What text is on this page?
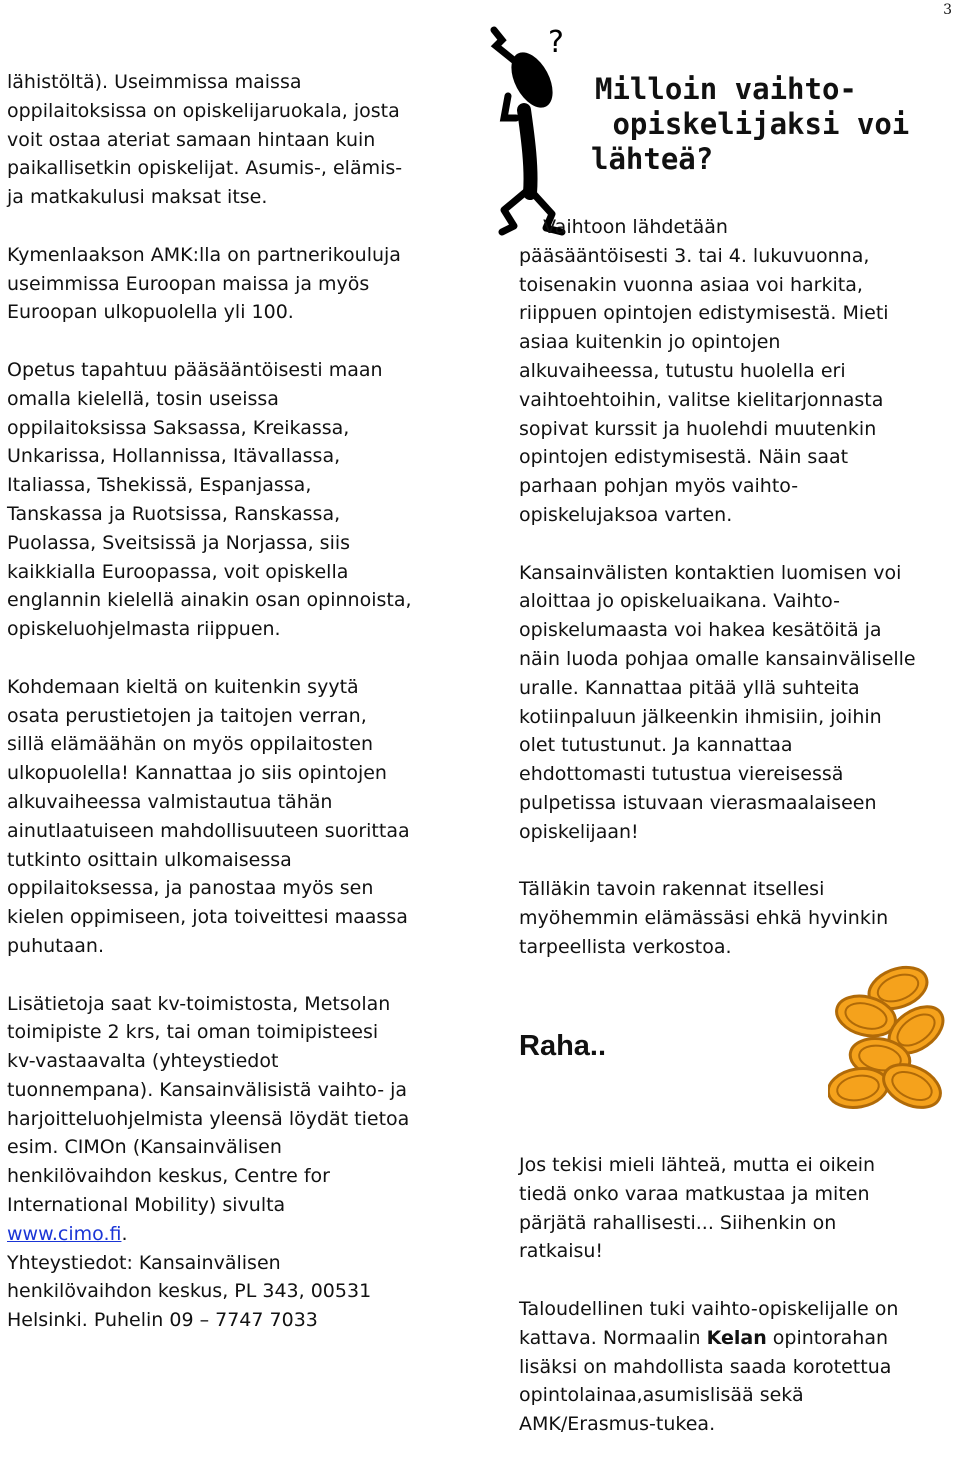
3

lähistöltä). Useimmissa maissa
oppilaitoksissa on opiskelijaruokala, josta
voit ostaa ateriat samaan hintaan kuin
paikallisetkin opiskelijat. Asumis-, elämis-
ja matkakulusi maksat itse.

Kymenlaakson AMK:lla on partnerikouluja
useimmissa Euroopan maissa ja myös
Euroopan ulkopuolella yli 100.

Opetus tapahtuu pääsääntöisesti maan
omalla kielellä, tosin useissa
oppilaitoksissa Saksassa, Kreikassa,
Unkarissa, Hollannissa, Itävallassa,
Italiassa, Tshekissä, Espanjassa,
Tanskassa ja Ruotsissa, Ranskassa,
Puolassa, Sveitsissä ja Norjassa, siis
kaikkialla Euroopassa, voit opiskella
englannin kielellä ainakin osan opinnoista,
opiskeluohjelmasta riippuen.

Kohdemaan kieltä on kuitenkin syytä
osata perustietojen ja taitojen verran,
sillä elämäähän on myös oppilaitosten
ulkopuolella! Kannattaa jo siis opintojen
alkuvaiheessa valmistautua tähän
ainutlaatuiseen mahdollisuuteen suorittaa
tutkinto osittain ulkomaisessa
oppilaitoksessa, ja panostaa myös sen
kielen oppimiseen, jota toiveittesi maassa
puhutaan.

Lisätietoja saat kv-toimistosta, Metsolan
toimipiste 2 krs, tai oman toimipisteesi
kv-vastaavalta (yhteystiedot
tuonnempana). Kansainvälisistä vaihto- ja
harjoitteluohjelmista yleensä löydät tietoa
esim. CIMOn (Kansainvälisen
henkilövaihdon keskus, Centre for
International Mobility) sivulta
www.cimo.fi.
Yhteystiedot: Kansainvälisen
henkilövaihdon keskus, PL 343, 00531
Helsinki. Puhelin 09 – 7747 7033

?
Milloin vaihto-
opiskelijaksi voi
lähteä?

Vaihtoon lähdetään
pääsääntöisesti 3. tai 4. lukuvuonna,
toisenakin vuonna asiaa voi harkita,
riippuen opintojen edistymisestä. Mieti
asiaa kuitenkin jo opintojen
alkuvaiheessa, tutustu huolella eri
vaihtoehtoihin, valitse kielitarjonnasta
sopivat kurssit ja huolehdi muutenkin
opintojen edistymisestä. Näin saat
parhaan pohjan myös vaihto-
opiskelujaksoa varten.

Kansainvälisten kontaktien luomisen voi
aloittaa jo opiskeluaikana. Vaihto-
opiskelumaasta voi hakea kesätöitä ja
näin luoda pohjaa omalle kansainväliselle
uralle. Kannattaa pitää yllä suhteita
kotiinpaluun jälkeenkin ihmisiin, joihin
olet tutustunut. Ja kannattaa
ehdottomasti tutustua viereisessä
pulpetissa istuvaan vierasmaalaiseen
opiskelijaan!

Tälläkin tavoin rakennat itsellesi
myöhemmin elämässäsi ehkä hyvinkin
tarpeellista verkostoa.

Raha..

Jos tekisi mieli lähteä, mutta ei oikein
tiedä onko varaa matkustaa ja miten
pärjätä rahallisesti... Siihenkin on
ratkaisu!

Taloudellinen tuki vaihto-opiskelijalle on
kattava. Normaalin Kelan opintorahan
lisäksi on mahdollista saada korotettua
opintolainaa,asumislisää sekä
AMK/Erasmus-tukea.
